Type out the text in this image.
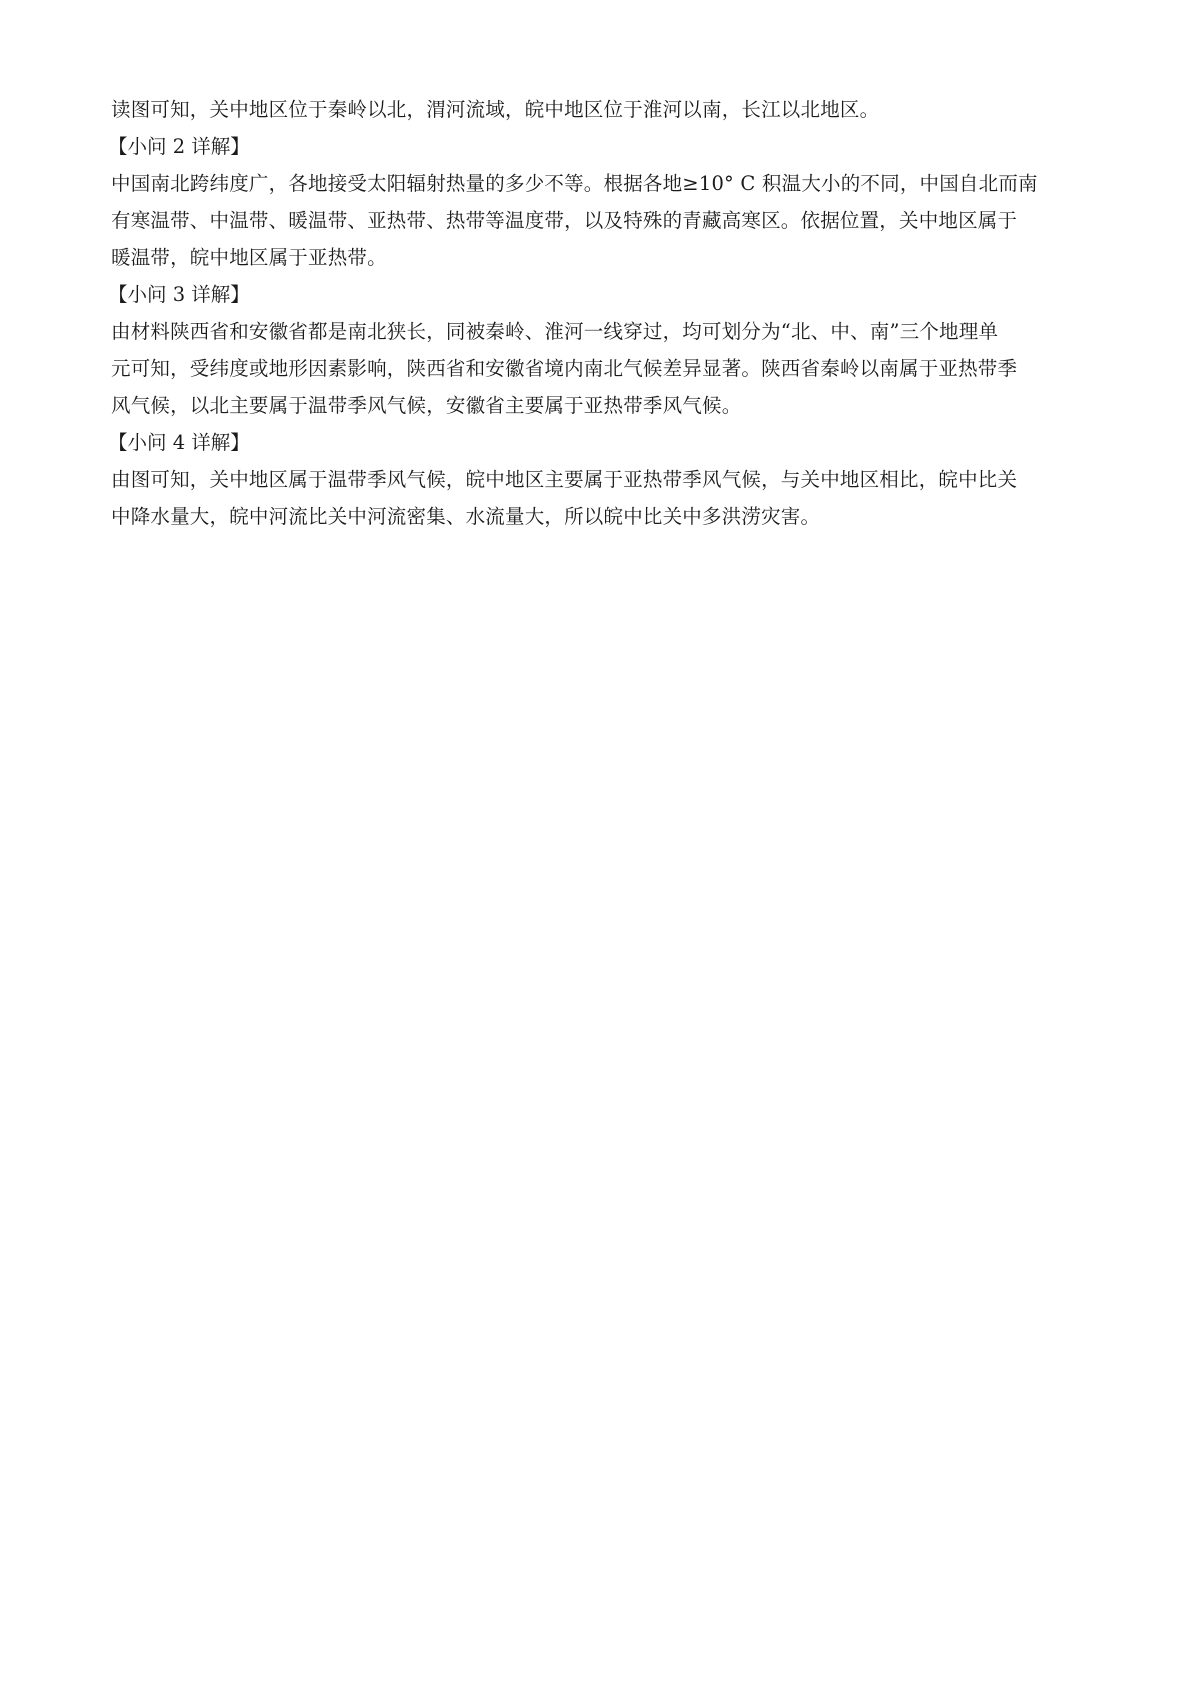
读图可知，关中地区位于秦岭以北，渭河流域，皖中地区位于淮河以南，长江以北地区。

【小问 2 详解】

中国南北跨纬度广，各地接受太阳辐射热量的多少不等。根据各地≥10° C 积温大小的不同，中国自北而南
有寒温带、中温带、暖温带、亚热带、热带等温度带，以及特殊的青藏高寒区。依据位置，关中地区属于
暖温带，皖中地区属于亚热带。

【小问 3 详解】

由材料陕西省和安徽省都是南北狭长，同被秦岭、淮河一线穿过，均可划分为“北、中、南”三个地理单
元可知，受纬度或地形因素影响，陕西省和安徽省境内南北气候差异显著。陕西省秦岭以南属于亚热带季
风气候，以北主要属于温带季风气候，安徽省主要属于亚热带季风气候。

【小问 4 详解】

由图可知，关中地区属于温带季风气候，皖中地区主要属于亚热带季风气候，与关中地区相比，皖中比关
中降水量大，皖中河流比关中河流密集、水流量大，所以皖中比关中多洪涝灾害。
